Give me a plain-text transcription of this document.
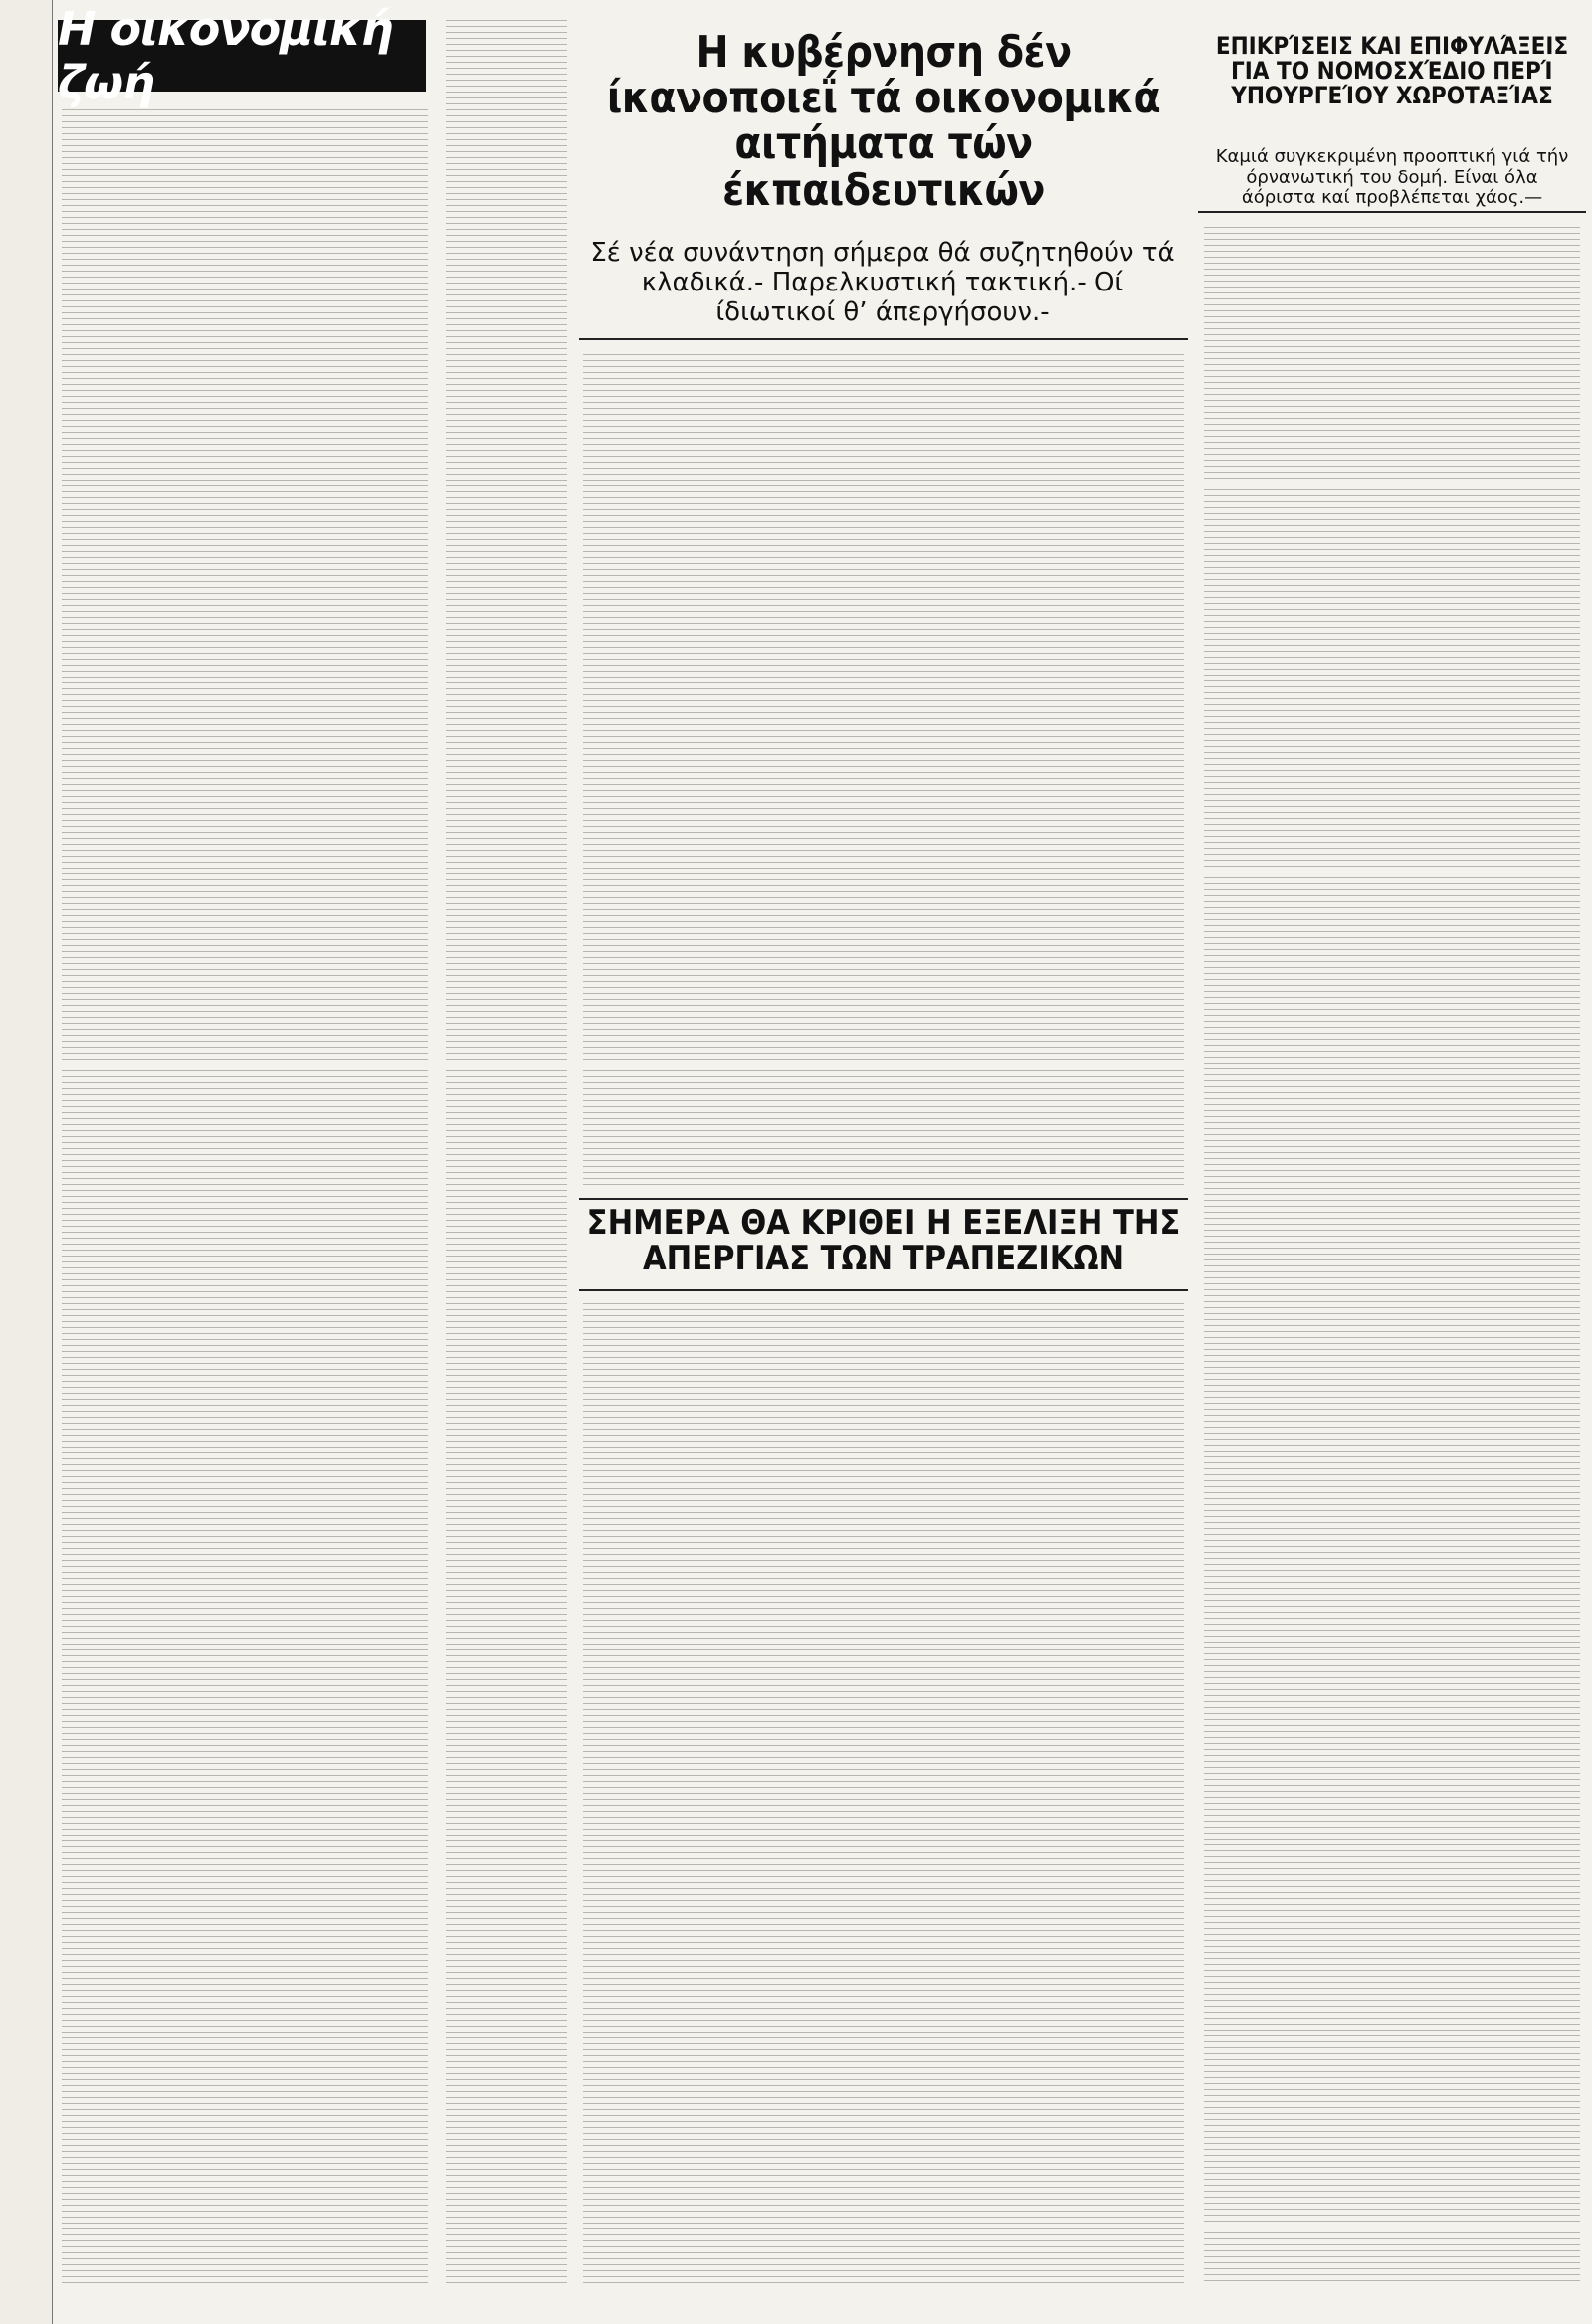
Η οικονομική ζωή
Η κυβέρνηση δέν ίκανοποιεΐ τά οικονομικά αιτήματα τών έκπαιδευτικών
Σέ νέα συνάντηση σήμερα θά συζητηθούν τά κλαδικά.- Παρελκυστική τακτική.- Οί ίδιωτικοί θ’ άπεργήσουν.-
ΣΗΜΕΡΑ ΘΑ ΚΡΙΘΕΙ Η ΕΞΕΛΙΞΗ ΤΗΣ ΑΠΕΡΓΙΑΣ ΤΩΝ ΤΡΑΠΕΖΙΚΩΝ
ΕΠΙΚΡΊΣΕΙΣ ΚΑΙ ΕΠΙΦΥΛΆΞΕΙΣ ΓΙΑ ΤΟ ΝΟΜΟΣΧΈΔΙΟ ΠΕΡΊ ΥΠΟΥΡΓΕΊΟΥ ΧΩΡΟΤΑΞΊΑΣ
Καμιά συγκεκριμένη προοπτική γιά τήν όρνανωτική του δομή. Είναι όλα άόριστα καί προβλέπεται χάος.—
